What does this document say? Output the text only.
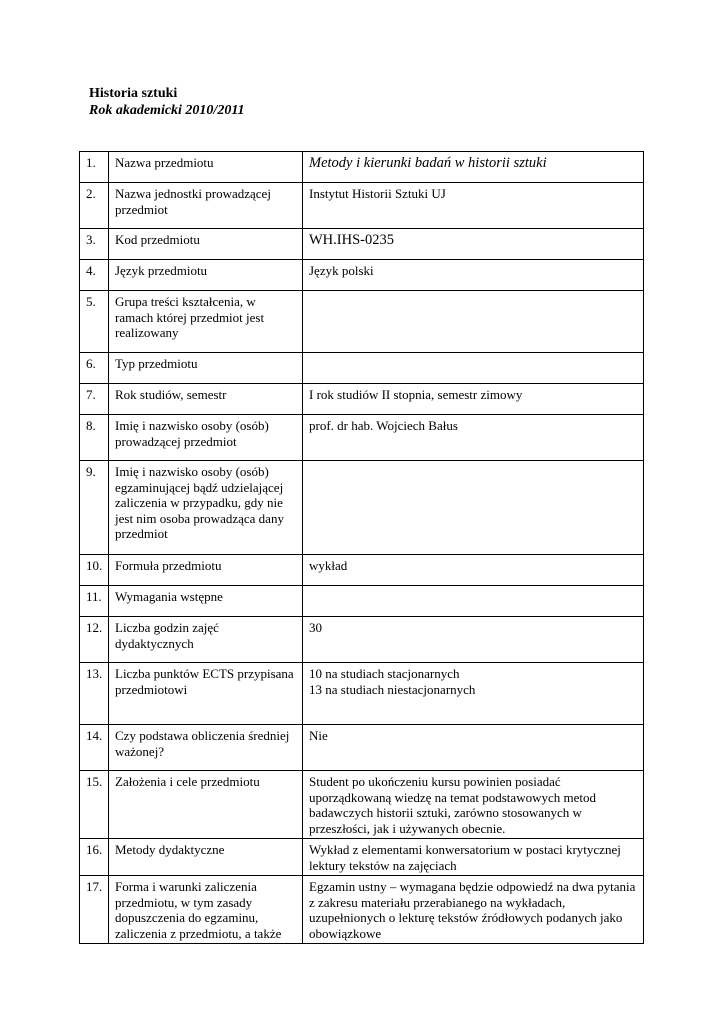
Historia sztuki
Rok akademicki 2010/2011
1.	Nazwa przedmiotu	Metody i kierunki badań w historii sztuki
2.	Nazwa jednostki prowadzącej przedmiot	Instytut Historii Sztuki UJ
3.	Kod przedmiotu	WH.IHS-0235
4.	Język przedmiotu	Język polski
5.	Grupa treści kształcenia, w ramach której przedmiot jest realizowany	
6.	Typ przedmiotu	
7.	Rok studiów, semestr	I rok studiów II stopnia, semestr zimowy
8.	Imię i nazwisko osoby (osób) prowadzącej przedmiot	prof. dr hab. Wojciech Bałus
9.	Imię i nazwisko osoby (osób) egzaminującej bądź udzielającej zaliczenia w przypadku, gdy nie jest nim osoba prowadząca dany przedmiot	
10.	Formuła przedmiotu	wykład
11.	Wymagania wstępne	
12.	Liczba godzin zajęć dydaktycznych	30
13.	Liczba punktów ECTS przypisana przedmiotowi	10 na studiach stacjonarnych
13 na studiach niestacjonarnych

14.	Czy podstawa obliczenia średniej ważonej?	Nie
15.	Założenia i cele przedmiotu	Student po ukończeniu kursu powinien posiadać uporządkowaną wiedzę na temat podstawowych metod badawczych historii sztuki, zarówno stosowanych w przeszłości, jak i używanych obecnie.
16.	Metody dydaktyczne	Wykład z elementami konwersatorium w postaci krytycznej lektury tekstów na zajęciach
17.	Forma i warunki zaliczenia przedmiotu, w tym zasady dopuszczenia do egzaminu, zaliczenia z przedmiotu, a także	Egzamin ustny – wymagana będzie odpowiedź na dwa pytania z zakresu materiału przerabianego na wykładach, uzupełnionych o lekturę tekstów źródłowych podanych jako obowiązkowe
